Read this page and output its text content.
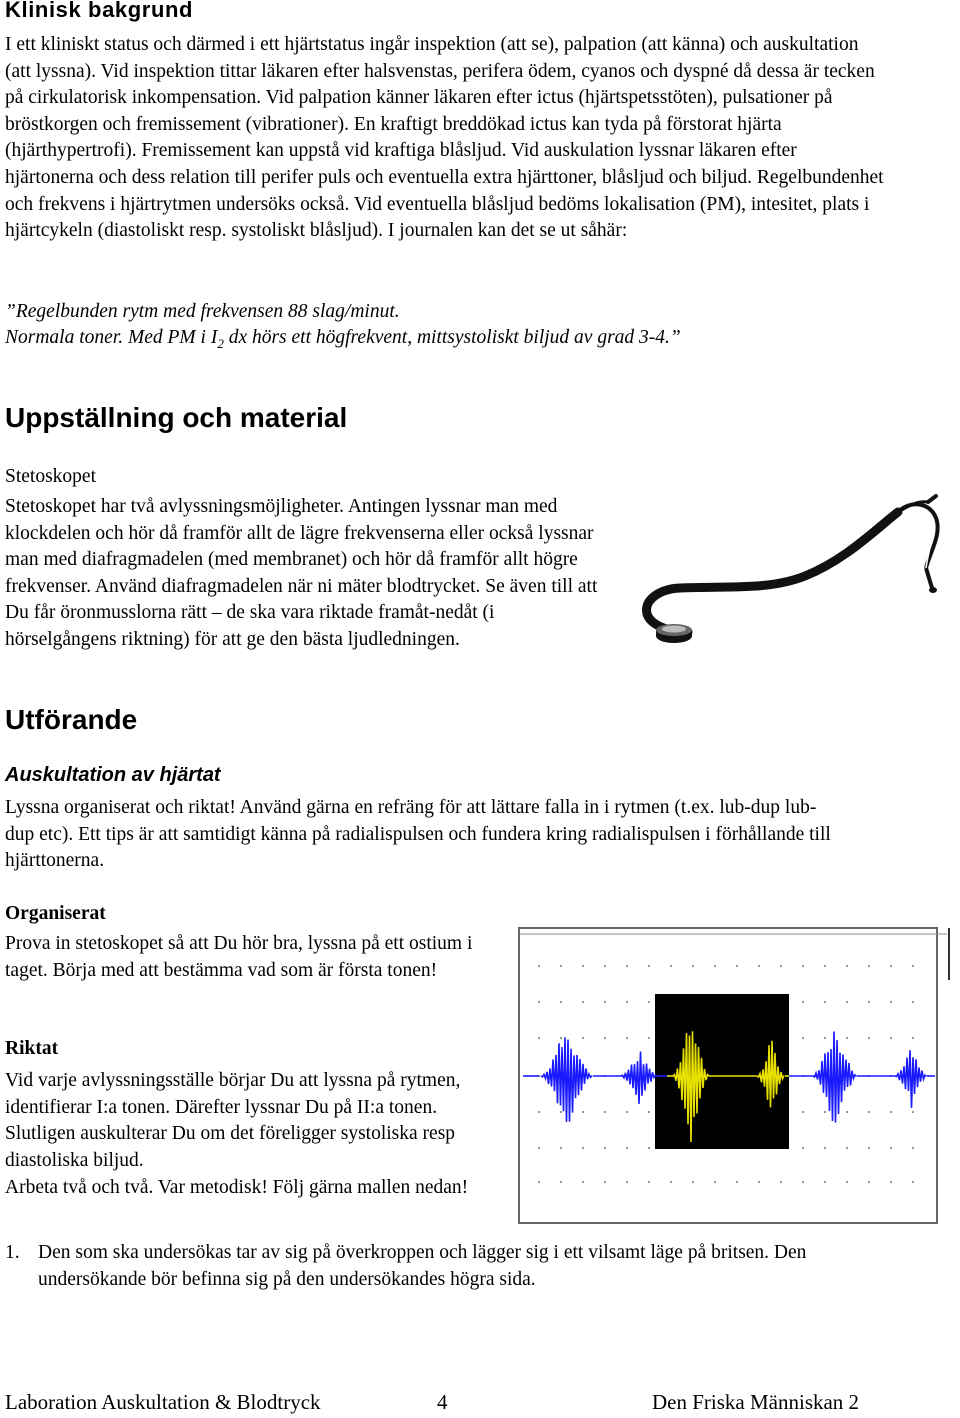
Klinisk bakgrund

I ett kliniskt status och därmed i ett hjärtstatus ingår inspektion (att se), palpation (att känna) och auskultation (att lyssna). Vid inspektion tittar läkaren efter halsvenstas, perifera ödem, cyanos och dyspné då dessa är tecken på cirkulatorisk inkompensation. Vid palpation känner läkaren efter ictus (hjärtspetsstöten), pulsationer på bröstkorgen och fremissement (vibrationer). En kraftigt breddökad ictus kan tyda på förstorat hjärta (hjärthypertrofi). Fremissement kan uppstå vid kraftiga blåsljud. Vid auskulation lyssnar läkaren efter hjärtonerna och dess relation till perifer puls och eventuella extra hjärttoner, blåsljud och biljud. Regelbundenhet och frekvens i hjärtrytmen undersöks också. Vid eventuella blåsljud bedöms lokalisation (PM), intesitet, plats i hjärtcykeln (diastoliskt resp. systoliskt blåsljud). I journalen kan det se ut såhär:

”Regelbunden rytm med frekvensen 88 slag/minut.

Normala toner. Med PM i $I_2$ dx hörs ett högfrekvent, mittsystoliskt biljud av grad 3-4.”

Uppställning och material
Stetoskopet

Stetoskopet har två avlyssningsmöjligheter. Antingen lyssnar man med klockdelen och hör då framför allt de lägre frekvenserna eller också lyssnar man med diafragmadelen (med membranet) och hör då framför allt högre frekvenser. Använd diafragmadelen när ni mäter blodtrycket. Se även till att Du får öronmusslorna rätt – de ska vara riktade framåt-nedåt (i hörselgångens riktning) för att ge den bästa ljudledningen.

Utförande
Auskultation av hjärtat

Lyssna organiserat och riktat! Använd gärna en refräng för att lättare falla in i rytmen (t.ex. lub-dup lub-dup etc). Ett tips är att samtidigt känna på radialispulsen och fundera kring radialispulsen i förhållande till hjärttonerna.

Organiserat

Prova in stetoskopet så att Du hör bra, lyssna på ett ostium i taget. Börja med att bestämma vad som är första tonen!

Riktat

Vid varje avlyssningsställe börjar Du att lyssna på rytmen, identifierar I:a tonen. Därefter lyssnar Du på II:a tonen. Slutligen auskulterar Du om det föreligger systoliska resp diastoliska biljud.

Arbeta två och två. Var metodisk! Följ gärna mallen nedan!

1. Den som ska undersökas tar av sig på överkroppen och lägger sig i ett vilsamt läge på britsen. Den undersökande bör befinna sig på den undersökandes högra sida.
Laboration Auskultation & Blodtryck	4	Den Friska Människan 2
